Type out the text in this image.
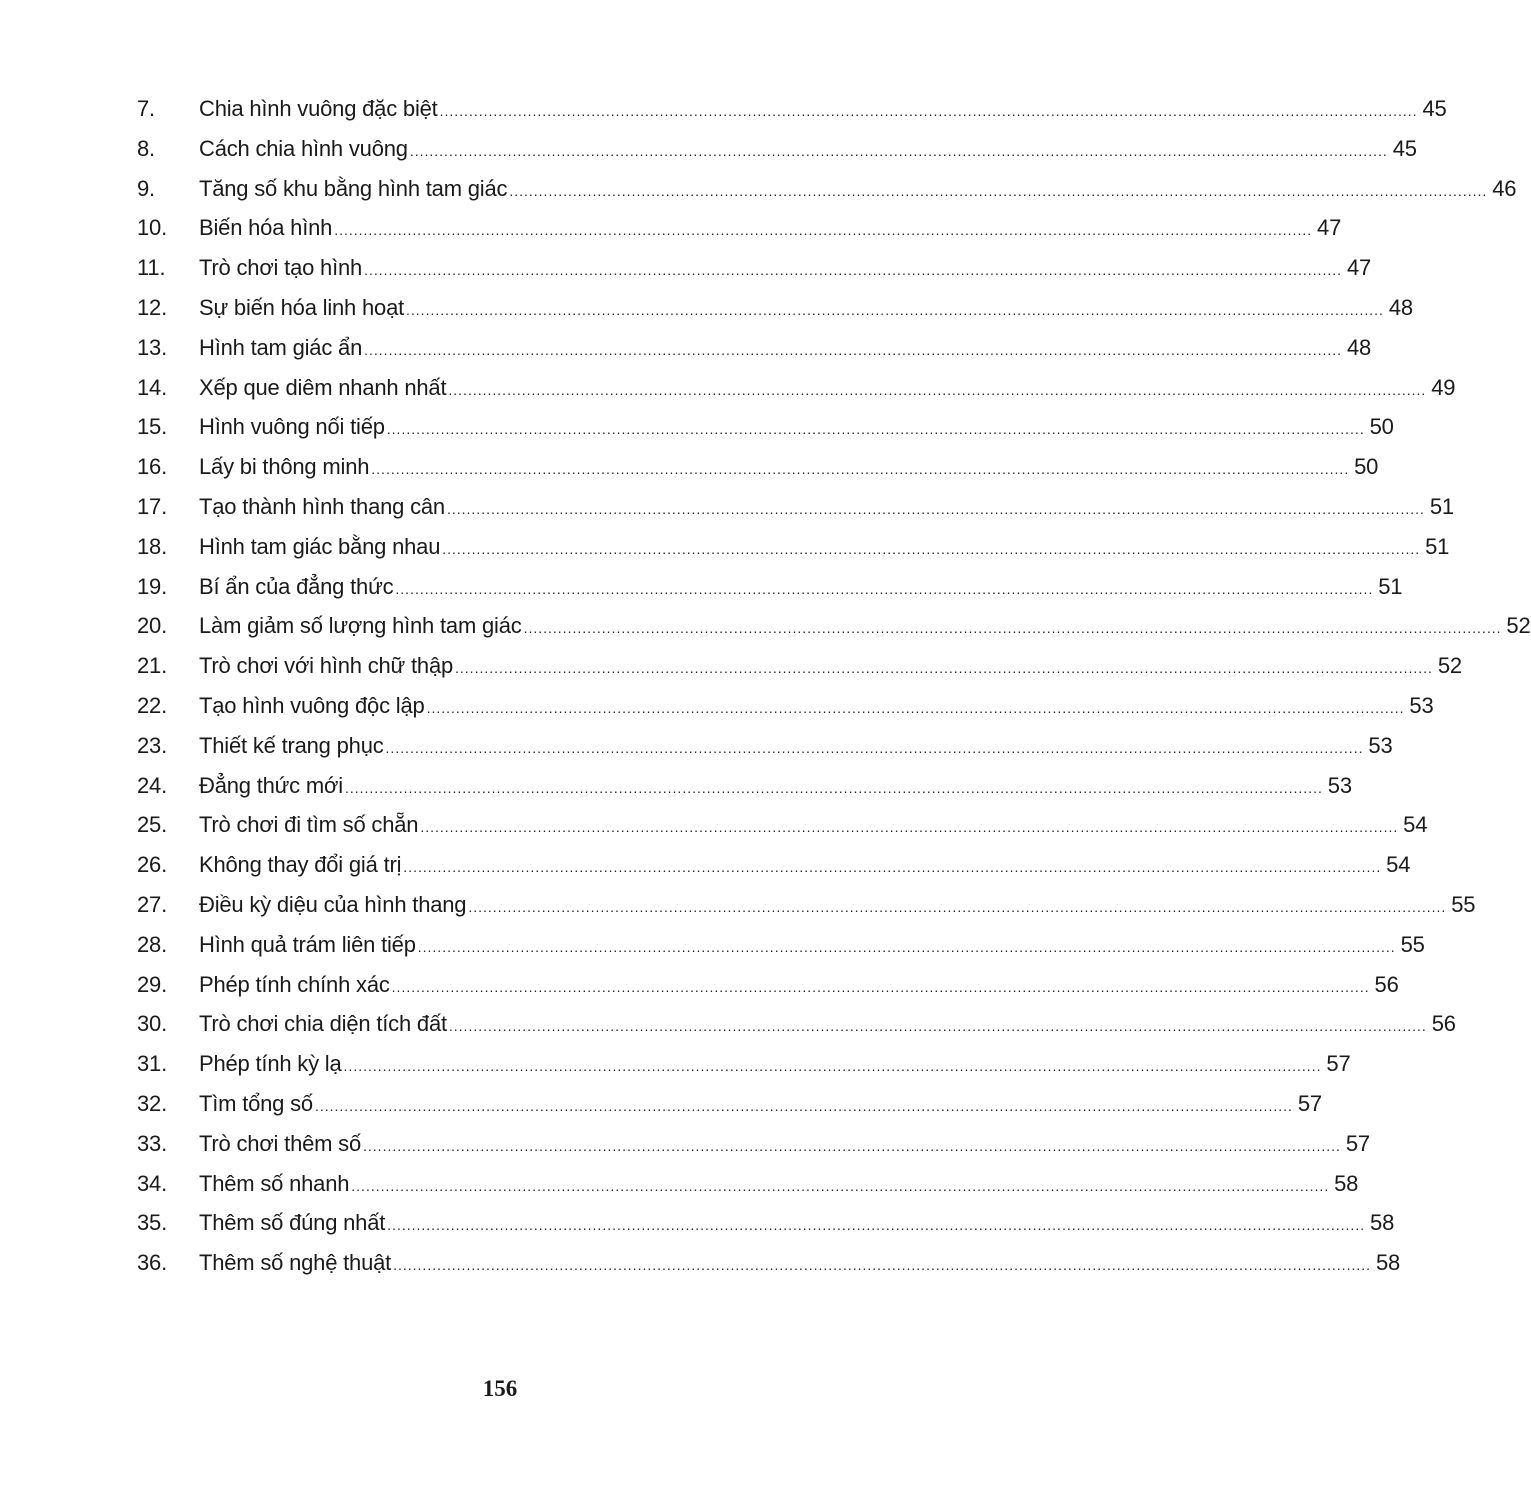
7.	Chia hình vuông đặc biệt ........................................................................................................................................................................................................ 45
8.	Cách chia hình vuông ........................................................................................................................................................................................................ 45
9.	Tăng số khu bằng hình tam giác ........................................................................................................................................................................................................ 46
10.	Biến hóa hình ........................................................................................................................................................................................................ 47
11.	Trò chơi tạo hình ........................................................................................................................................................................................................ 47
12.	Sự biến hóa linh hoạt ........................................................................................................................................................................................................ 48
13.	Hình tam giác ẩn ........................................................................................................................................................................................................ 48
14.	Xếp que diêm nhanh nhất ........................................................................................................................................................................................................ 49
15.	Hình vuông nối tiếp ........................................................................................................................................................................................................ 50
16.	Lấy bi thông minh ........................................................................................................................................................................................................ 50
17.	Tạo thành hình thang cân ........................................................................................................................................................................................................ 51
18.	Hình tam giác bằng nhau ........................................................................................................................................................................................................ 51
19.	Bí ẩn của đẳng thức ........................................................................................................................................................................................................ 51
20.	Làm giảm số lượng hình tam giác ........................................................................................................................................................................................................ 52
21.	Trò chơi với hình chữ thập ........................................................................................................................................................................................................ 52
22.	Tạo hình vuông độc lập ........................................................................................................................................................................................................ 53
23.	Thiết kế trang phục ........................................................................................................................................................................................................ 53
24.	Đẳng thức mới ........................................................................................................................................................................................................ 53
25.	Trò chơi đi tìm số chẵn ........................................................................................................................................................................................................ 54
26.	Không thay đổi giá trị ........................................................................................................................................................................................................ 54
27.	Điều kỳ diệu của hình thang ........................................................................................................................................................................................................ 55
28.	Hình quả trám liên tiếp ........................................................................................................................................................................................................ 55
29.	Phép tính chính xác ........................................................................................................................................................................................................ 56
30.	Trò chơi chia diện tích đất ........................................................................................................................................................................................................ 56
31.	Phép tính kỳ lạ ........................................................................................................................................................................................................ 57
32.	Tìm tổng số ........................................................................................................................................................................................................ 57
33.	Trò chơi thêm số ........................................................................................................................................................................................................ 57
34.	Thêm số nhanh ........................................................................................................................................................................................................ 58
35.	Thêm số đúng nhất ........................................................................................................................................................................................................ 58
36.	Thêm số nghệ thuật ........................................................................................................................................................................................................ 58
156
